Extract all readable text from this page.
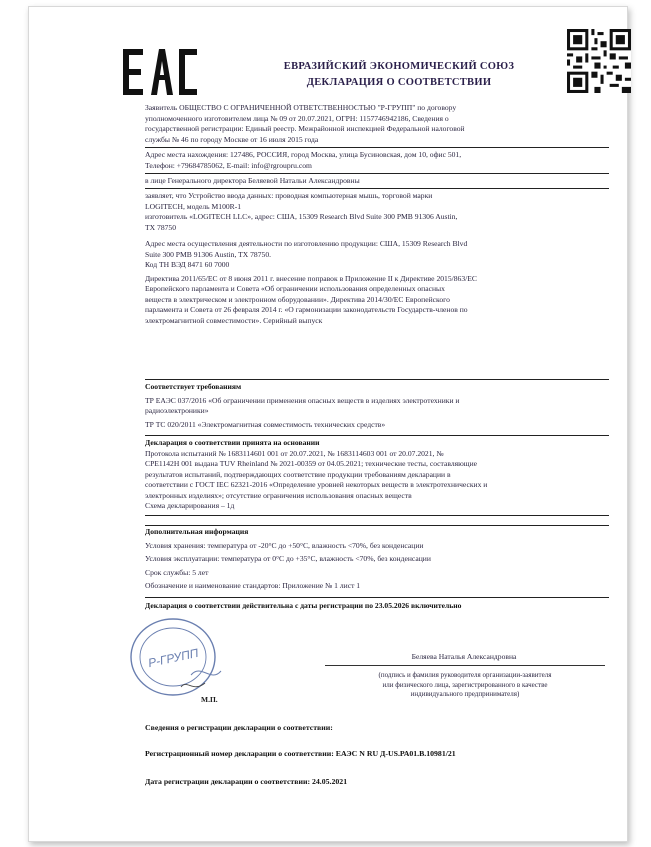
ЕВРАЗИЙСКИЙ ЭКОНОМИЧЕСКИЙ СОЮЗ
ДЕКЛАРАЦИЯ О СООТВЕТСТВИИ

Заявитель ОБЩЕСТВО С ОГРАНИЧЕННОЙ ОТВЕТСТВЕННОСТЬЮ "Р-ГРУПП" по договору

уполномоченного изготовителем лица № 09 от 20.07.2021, ОГРН: 1157746942186, Сведения о

государственной регистрации: Единый реестр. Межрайонной инспекцией Федеральной налоговой

службы № 46 по городу Москве от 16 июля 2015 года

Адрес места нахождения: 127486, РОССИЯ, город Москва, улица Бусиновская, дом 10, офис 501,

Телефон: +79684785062, E-mail: info@rgroupru.com

в лице Генерального директора Беляевой Натальи Александровны

заявляет, что Устройство ввода данных: проводная компьютерная мышь, торговой марки

LOGITECH, модель M100R-1

изготовитель «LOGITECH LLC», адрес: США, 15309 Research Blvd Suite 300 PMB 91306 Austin,

TX 78750

Адрес места осуществления деятельности по изготовлению продукции: США, 15309 Research Blvd

Suite 300 PMB 91306 Austin, TX 78750.

Код ТН ВЭД 8471 60 7000

Директива 2011/65/ЕС от 8 июня 2011 г. внесение поправок в Приложение II к Директиве 2015/863/ЕС

Европейского парламента и Совета «Об ограничении использования определенных опасных

веществ в электрическом и электронном оборудовании». Директива 2014/30/ЕС Европейского

парламента и Совета от 26 февраля 2014 г. «О гармонизации законодательств Государств-членов по

электромагнитной совместимости». Серийный выпуск

Соответствует требованиям

ТР ЕАЭС 037/2016 «Об ограничении применения опасных веществ в изделиях электротехники и

радиоэлектроники»

ТР ТС 020/2011 «Электромагнитная совместимость технических средств»

Декларация о соответствии принята на основании

Протокола испытаний № 1683114601 001 от 20.07.2021, № 1683114603 001 от 20.07.2021, №

СРЕ1142Н 001 выдана TUV Rheinland № 2021-00359 от 04.05.2021; технические тесты, составляющие

результатов испытаний, подтверждающих соответствие продукции требованиям декларации в

соответствии с ГОСТ IEC 62321-2016 «Определение уровней некоторых веществ в электротехнических и

электронных изделиях»; отсутствие ограничения использования опасных веществ

Схема декларирования – 1д

Дополнительная информация

Условия хранения: температура от -20°С до +50°С, влажность <70%, без конденсации

Условия эксплуатации: температура от 0°С до +35°С, влажность <70%, без конденсации

Срок службы: 5 лет

Обозначение и наименование стандартов: Приложение № 1 лист 1

Декларация о соответствии действительна с даты регистрации по 23.05.2026 включительно
Р-ГРУПП
М.П.
Беляева Наталья Александровна
(подпись и фамилия руководителя организации-заявителя
или физического лица, зарегистрированного в качестве
индивидуального предпринимателя)
Сведения о регистрации декларации о соответствии:
Регистрационный номер декларации о соответствии: ЕАЭС N RU Д-US.РА01.В.10981/21
Дата регистрации декларации о соответствии: 24.05.2021
